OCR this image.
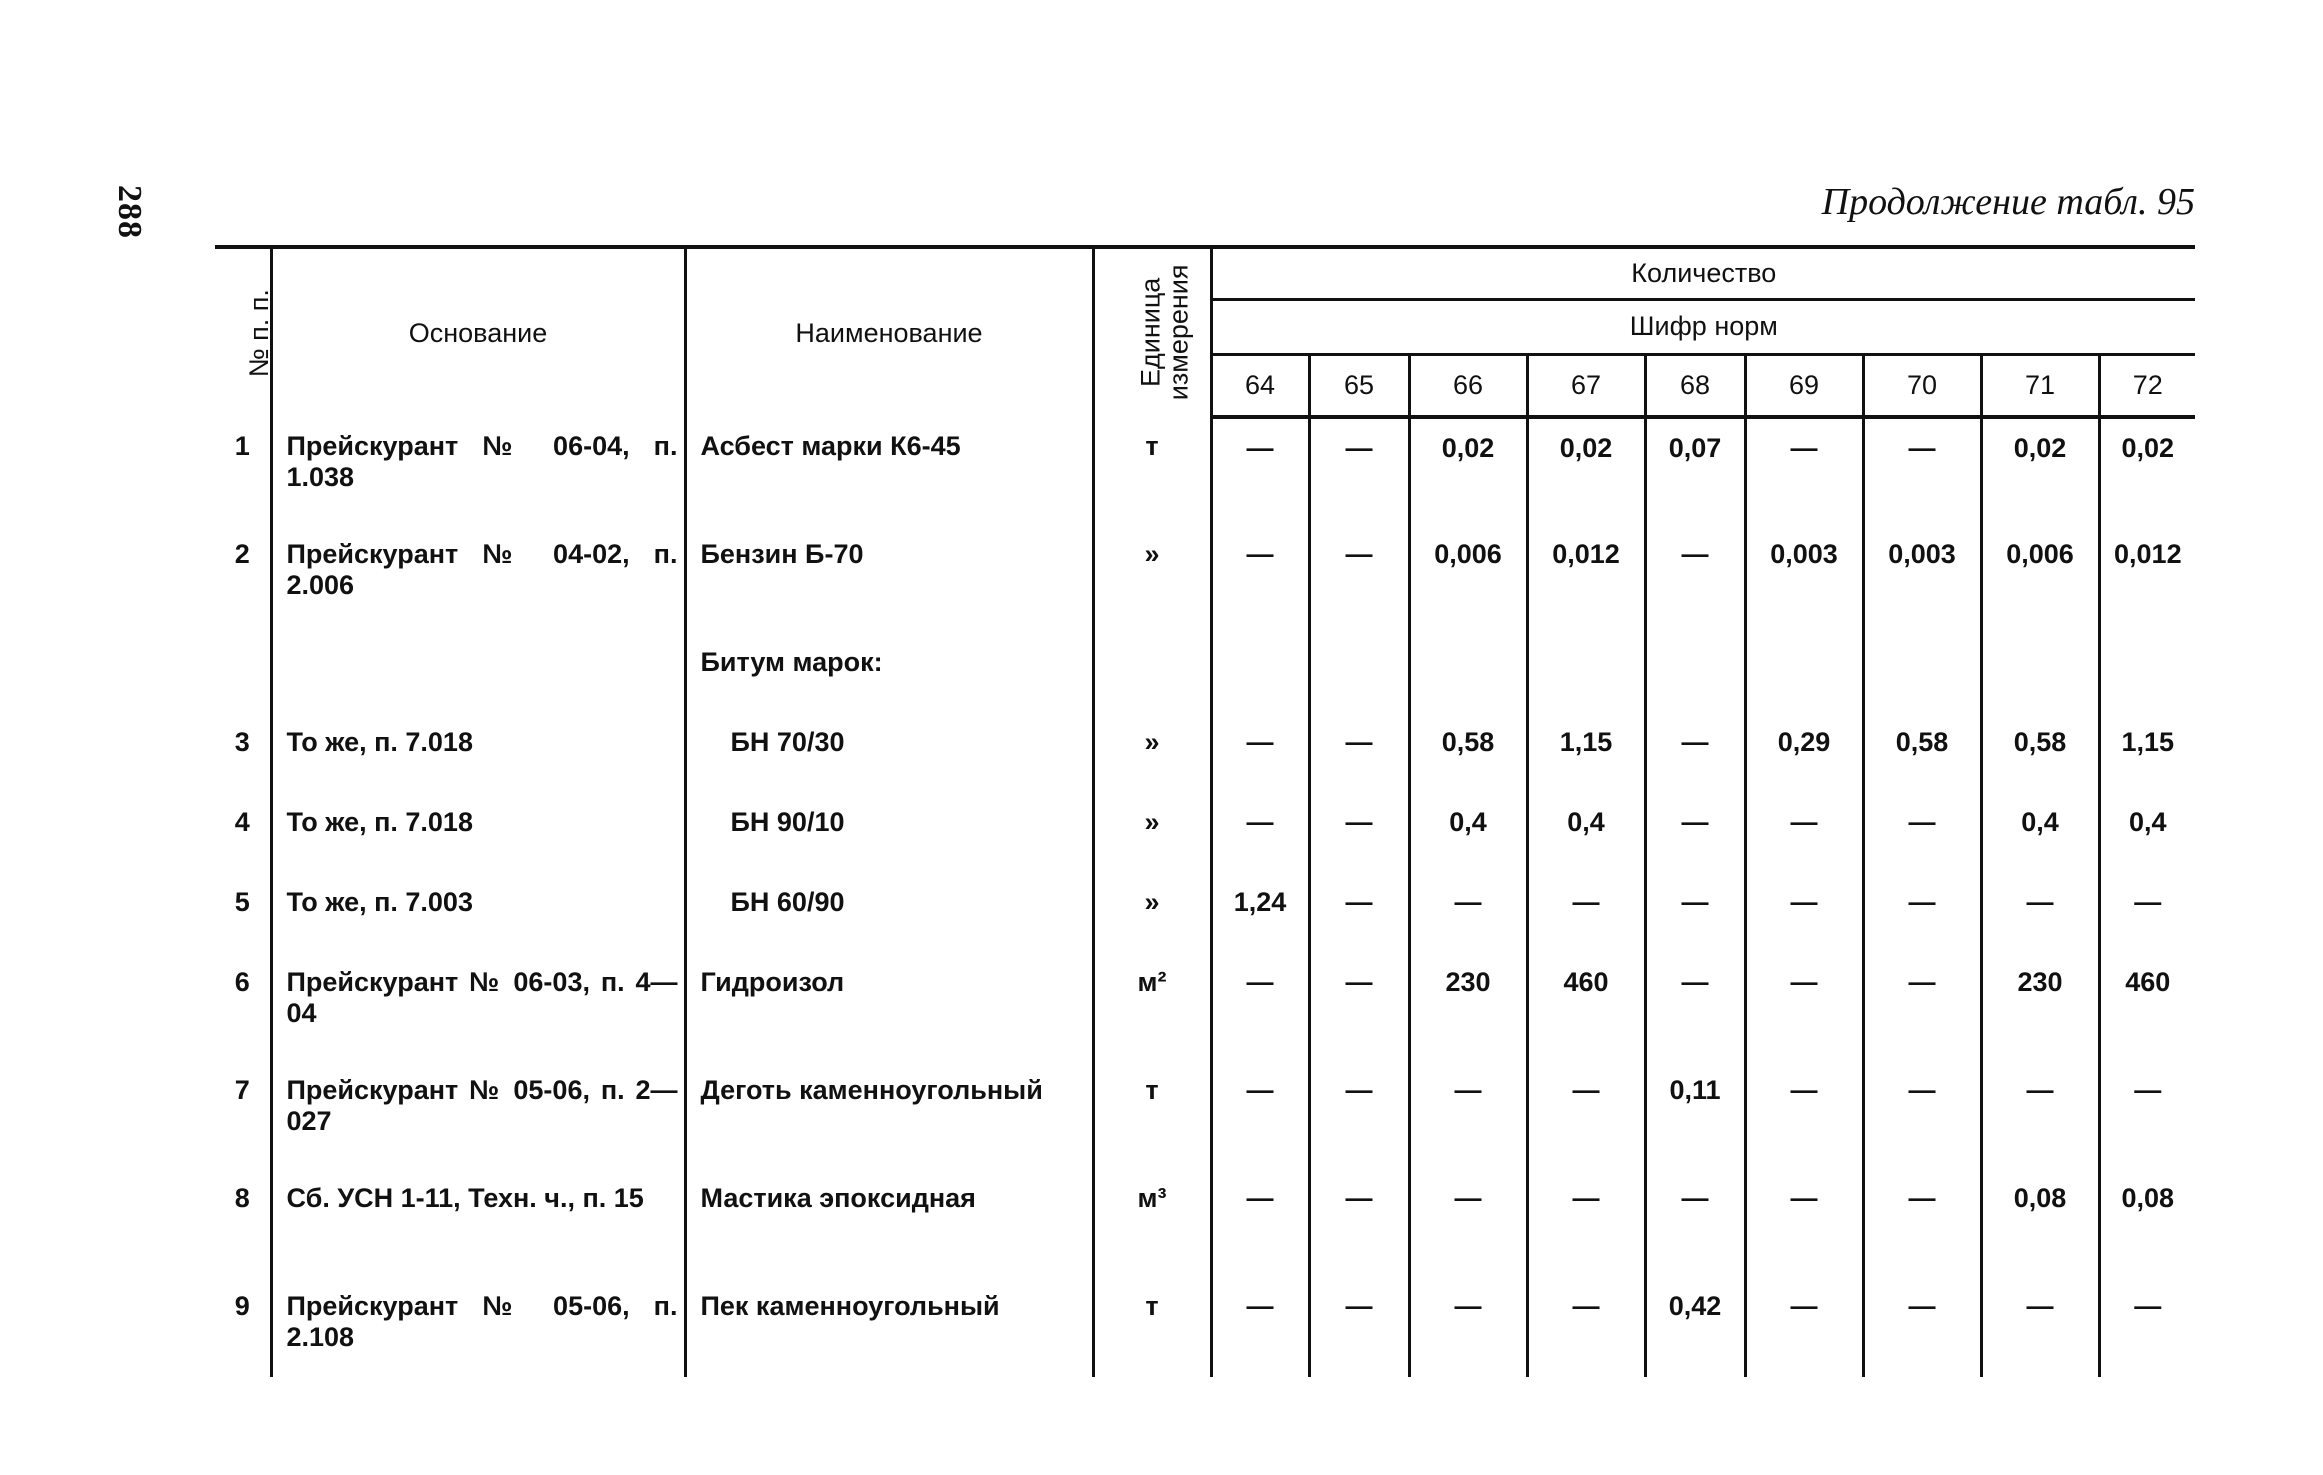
288	Продолжение табл. 95
№ п. п.	Основание	Наименование	Единица измерения	Количество								
				Шифр норм								
				64	65	66	67	68	69	70	71	72
1	Прейскурант № 06-04, п. 1.038	Асбест марки К6-45	т	—	—	0,02	0,02	0,07	—	—	0,02	0,02
2	Прейскурант № 04-02, п. 2.006	Бензин Б-70	»	—	—	0,006	0,012	—	0,003	0,003	0,006	0,012
		Битум марок:										
3	То же, п. 7.018	БН 70/30	»	—	—	0,58	1,15	—	0,29	0,58	0,58	1,15
4	То же, п. 7.018	БН 90/10	»	—	—	0,4	0,4	—	—	—	0,4	0,4
5	То же, п. 7.003	БН 60/90	»	1,24	—	—	—	—	—	—	—	—
6	Прейскурант № 06-03, п. 4—04	Гидроизол	м²	—	—	230	460	—	—	—	230	460
7	Прейскурант № 05-06, п. 2—027	Деготь каменноугольный	т	—	—	—	—	0,11	—	—	—	—
8	Сб. УСН 1-11, Техн. ч., п. 15	Мастика эпоксидная	м³	—	—	—	—	—	—	—	0,08	0,08
9	Прейскурант № 05-06, п. 2.108	Пек каменноугольный	т	—	—	—	—	0,42	—	—	—	—
